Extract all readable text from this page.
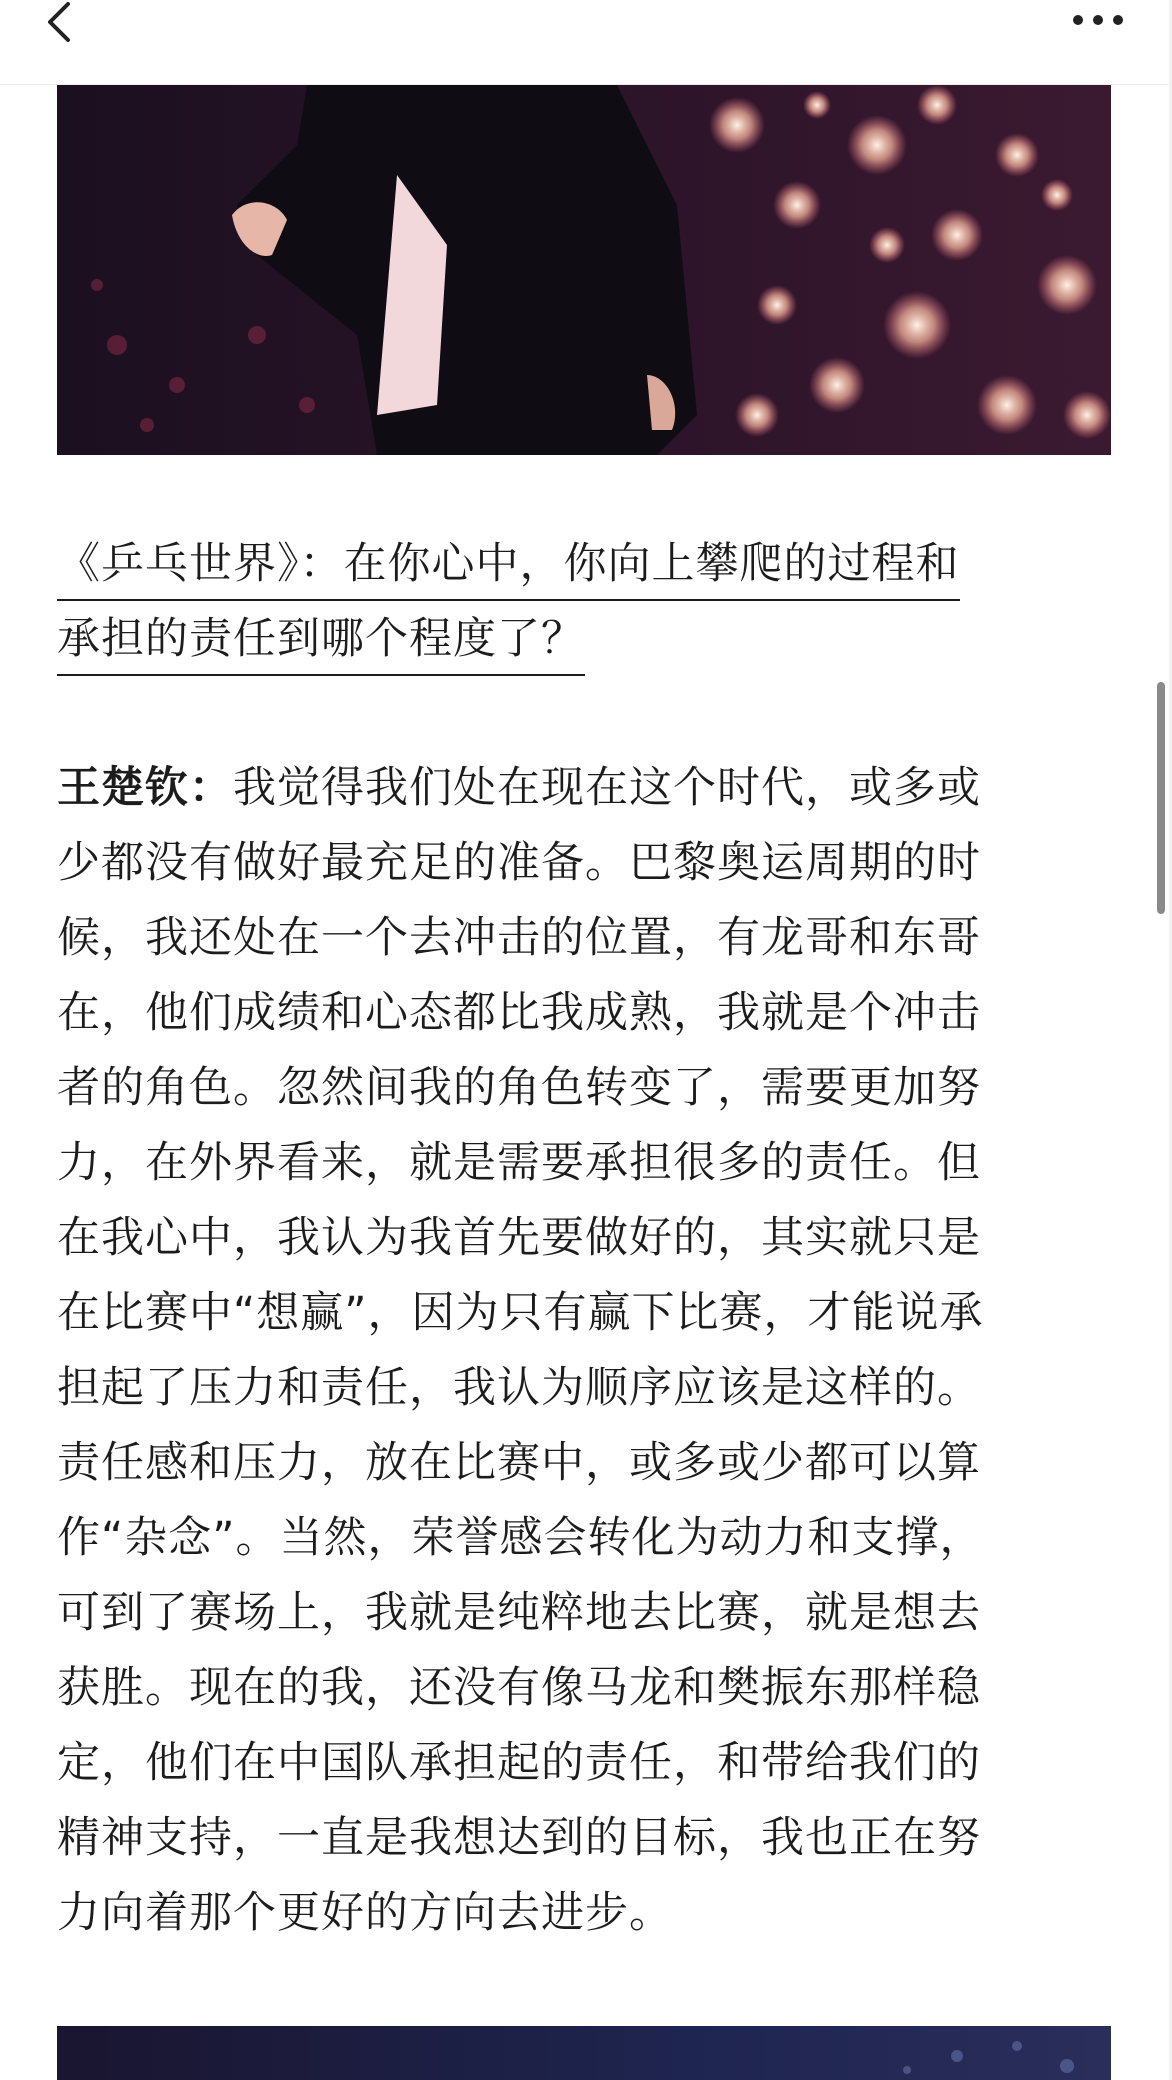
《乒乓世界》：在你心中，你向上攀爬的过程和
承担的责任到哪个程度了？
王楚钦：我觉得我们处在现在这个时代，或多或
少都没有做好最充足的准备。巴黎奥运周期的时
候，我还处在一个去冲击的位置，有龙哥和东哥
在，他们成绩和心态都比我成熟，我就是个冲击
者的角色。忽然间我的角色转变了，需要更加努
力，在外界看来，就是需要承担很多的责任。但
在我心中，我认为我首先要做好的，其实就只是
在比赛中“想赢”，因为只有赢下比赛，才能说承
担起了压力和责任，我认为顺序应该是这样的。
责任感和压力，放在比赛中，或多或少都可以算
作“杂念”。当然，荣誉感会转化为动力和支撑，
可到了赛场上，我就是纯粹地去比赛，就是想去
获胜。现在的我，还没有像马龙和樊振东那样稳
定，他们在中国队承担起的责任，和带给我们的
精神支持，一直是我想达到的目标，我也正在努
力向着那个更好的方向去进步。
